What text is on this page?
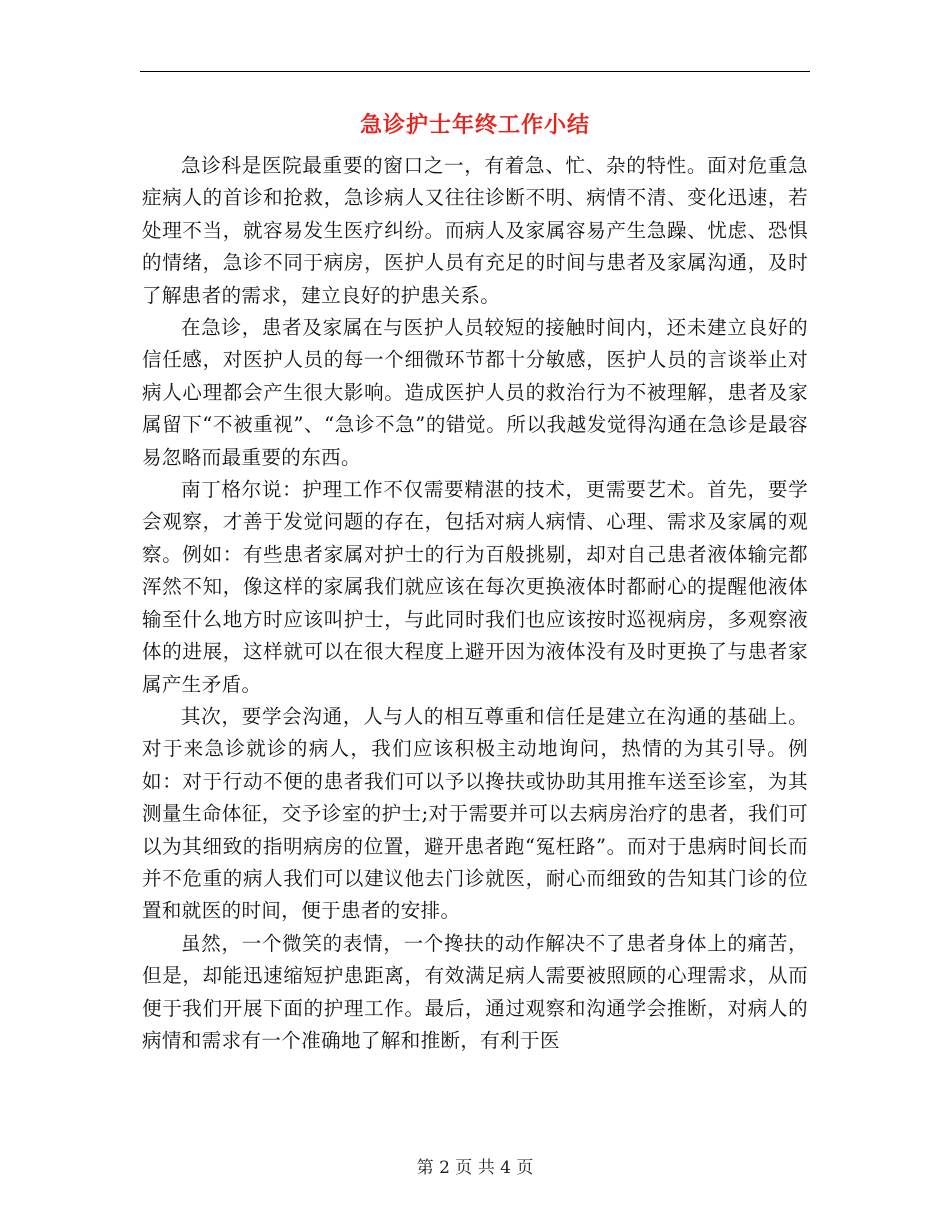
急诊护士年终工作小结

急诊科是医院最重要的窗口之一，有着急、忙、杂的特性。面对危重急症病人的首诊和抢救，急诊病人又往往诊断不明、病情不清、变化迅速，若处理不当，就容易发生医疗纠纷。而病人及家属容易产生急躁、忧虑、恐惧的情绪，急诊不同于病房，医护人员有充足的时间与患者及家属沟通，及时了解患者的需求，建立良好的护患关系。

在急诊，患者及家属在与医护人员较短的接触时间内，还未建立良好的信任感，对医护人员的每一个细微环节都十分敏感，医护人员的言谈举止对病人心理都会产生很大影响。造成医护人员的救治行为不被理解，患者及家属留下“不被重视”、“急诊不急”的错觉。所以我越发觉得沟通在急诊是最容易忽略而最重要的东西。

南丁格尔说：护理工作不仅需要精湛的技术，更需要艺术。首先，要学会观察，才善于发觉问题的存在，包括对病人病情、心理、需求及家属的观察。例如：有些患者家属对护士的行为百般挑剔，却对自己患者液体输完都浑然不知，像这样的家属我们就应该在每次更换液体时都耐心的提醒他液体输至什么地方时应该叫护士，与此同时我们也应该按时巡视病房，多观察液体的进展，这样就可以在很大程度上避开因为液体没有及时更换了与患者家属产生矛盾。

其次，要学会沟通，人与人的相互尊重和信任是建立在沟通的基础上。对于来急诊就诊的病人，我们应该积极主动地询问，热情的为其引导。例如：对于行动不便的患者我们可以予以搀扶或协助其用推车送至诊室，为其测量生命体征，交予诊室的护士;对于需要并可以去病房治疗的患者，我们可以为其细致的指明病房的位置，避开患者跑“冤枉路”。而对于患病时间长而并不危重的病人我们可以建议他去门诊就医，耐心而细致的告知其门诊的位置和就医的时间，便于患者的安排。

虽然，一个微笑的表情，一个搀扶的动作解决不了患者身体上的痛苦，但是，却能迅速缩短护患距离，有效满足病人需要被照顾的心理需求，从而便于我们开展下面的护理工作。最后，通过观察和沟通学会推断，对病人的病情和需求有一个准确地了解和推断，有利于医

第 2 页 共 4 页
